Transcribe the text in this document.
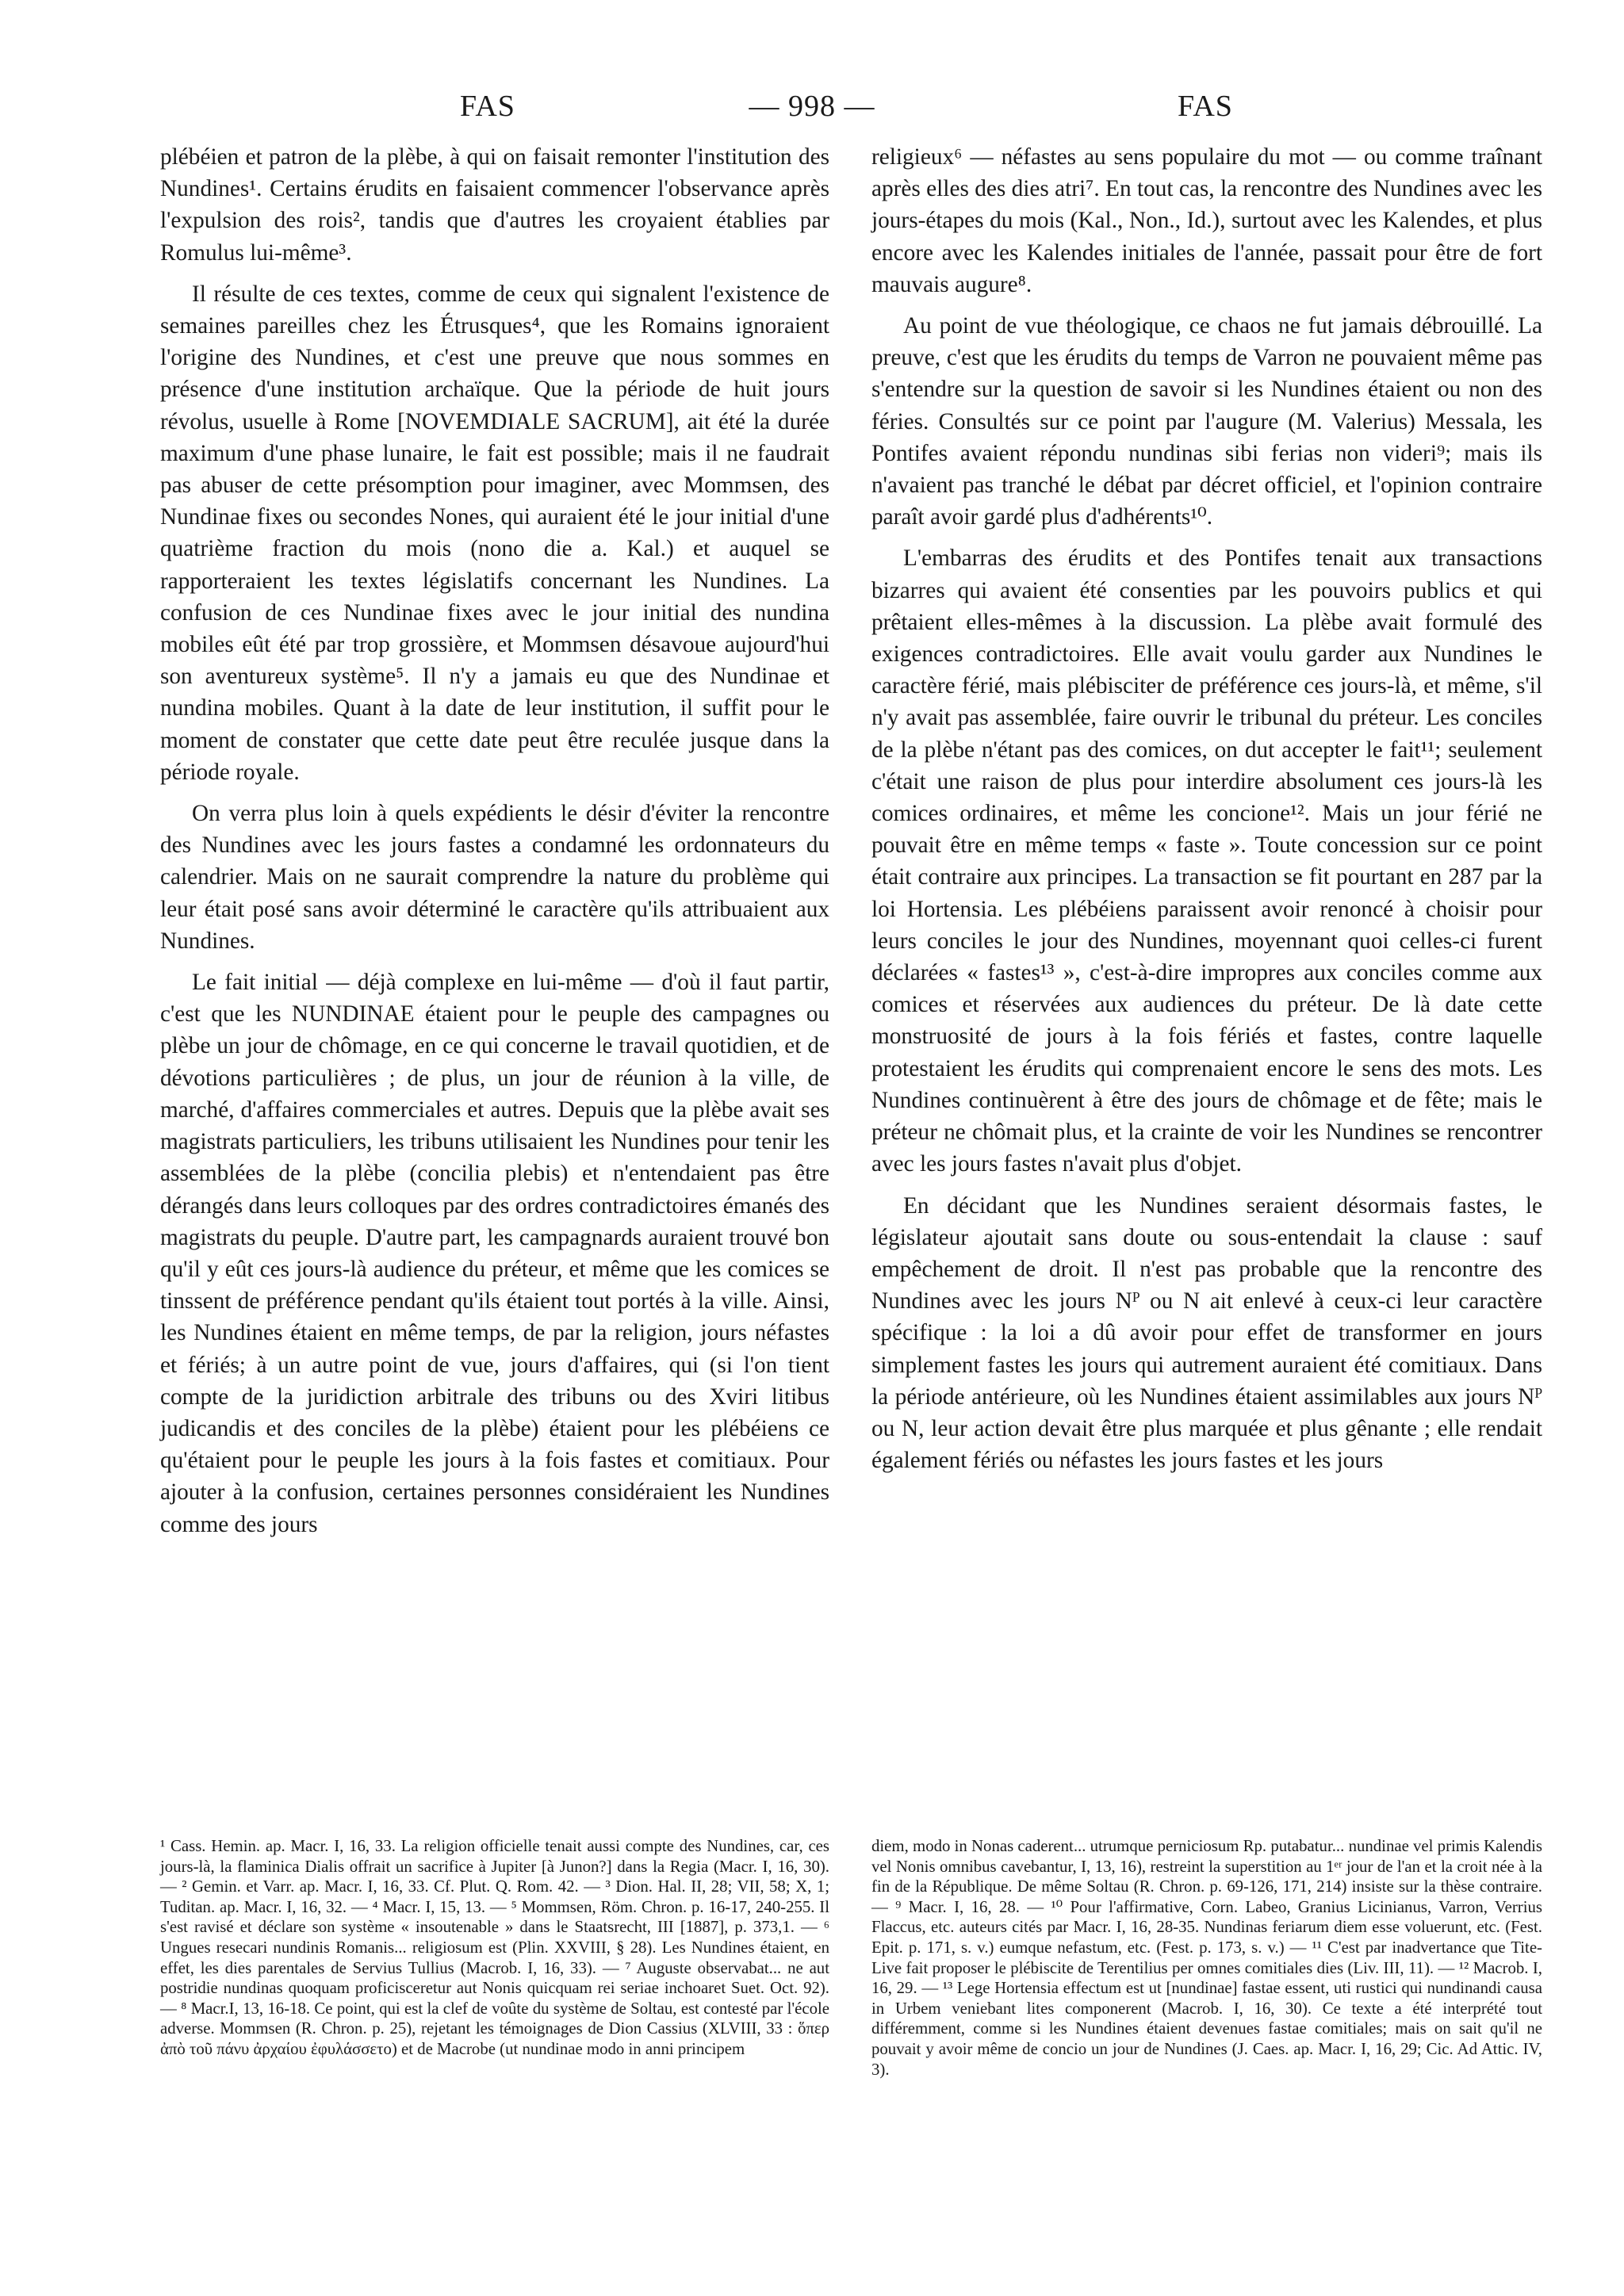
FAS	— 998 —	FAS

plébéien et patron de la plèbe, à qui on faisait remonter l'institution des Nundines¹. Certains érudits en faisaient commencer l'observance après l'expulsion des rois², tandis que d'autres les croyaient établies par Romulus lui-même³.

Il résulte de ces textes, comme de ceux qui signalent l'existence de semaines pareilles chez les Étrusques⁴, que les Romains ignoraient l'origine des Nundines, et c'est une preuve que nous sommes en présence d'une institution archaïque. Que la période de huit jours révolus, usuelle à Rome [NOVEMDIALE SACRUM], ait été la durée maximum d'une phase lunaire, le fait est possible; mais il ne faudrait pas abuser de cette présomption pour imaginer, avec Mommsen, des Nundinae fixes ou secondes Nones, qui auraient été le jour initial d'une quatrième fraction du mois (nono die a. Kal.) et auquel se rapporteraient les textes législatifs concernant les Nundines. La confusion de ces Nundinae fixes avec le jour initial des nundina mobiles eût été par trop grossière, et Mommsen désavoue aujourd'hui son aventureux système⁵. Il n'y a jamais eu que des Nundinae et nundina mobiles. Quant à la date de leur institution, il suffit pour le moment de constater que cette date peut être reculée jusque dans la période royale.

On verra plus loin à quels expédients le désir d'éviter la rencontre des Nundines avec les jours fastes a condamné les ordonnateurs du calendrier. Mais on ne saurait comprendre la nature du problème qui leur était posé sans avoir déterminé le caractère qu'ils attribuaient aux Nundines.

Le fait initial — déjà complexe en lui-même — d'où il faut partir, c'est que les NUNDINAE étaient pour le peuple des campagnes ou plèbe un jour de chômage, en ce qui concerne le travail quotidien, et de dévotions particulières ; de plus, un jour de réunion à la ville, de marché, d'affaires commerciales et autres. Depuis que la plèbe avait ses magistrats particuliers, les tribuns utilisaient les Nundines pour tenir les assemblées de la plèbe (concilia plebis) et n'entendaient pas être dérangés dans leurs colloques par des ordres contradictoires émanés des magistrats du peuple. D'autre part, les campagnards auraient trouvé bon qu'il y eût ces jours-là audience du préteur, et même que les comices se tinssent de préférence pendant qu'ils étaient tout portés à la ville. Ainsi, les Nundines étaient en même temps, de par la religion, jours néfastes et fériés; à un autre point de vue, jours d'affaires, qui (si l'on tient compte de la juridiction arbitrale des tribuns ou des Xviri litibus judicandis et des conciles de la plèbe) étaient pour les plébéiens ce qu'étaient pour le peuple les jours à la fois fastes et comitiaux. Pour ajouter à la confusion, certaines personnes considéraient les Nundines comme des jours

religieux⁶ — néfastes au sens populaire du mot — ou comme traînant après elles des dies atri⁷. En tout cas, la rencontre des Nundines avec les jours-étapes du mois (Kal., Non., Id.), surtout avec les Kalendes, et plus encore avec les Kalendes initiales de l'année, passait pour être de fort mauvais augure⁸.

Au point de vue théologique, ce chaos ne fut jamais débrouillé. La preuve, c'est que les érudits du temps de Varron ne pouvaient même pas s'entendre sur la question de savoir si les Nundines étaient ou non des féries. Consultés sur ce point par l'augure (M. Valerius) Messala, les Pontifes avaient répondu nundinas sibi ferias non videri⁹; mais ils n'avaient pas tranché le débat par décret officiel, et l'opinion contraire paraît avoir gardé plus d'adhérents¹⁰.

L'embarras des érudits et des Pontifes tenait aux transactions bizarres qui avaient été consenties par les pouvoirs publics et qui prêtaient elles-mêmes à la discussion. La plèbe avait formulé des exigences contradictoires. Elle avait voulu garder aux Nundines le caractère férié, mais plébisciter de préférence ces jours-là, et même, s'il n'y avait pas assemblée, faire ouvrir le tribunal du préteur. Les conciles de la plèbe n'étant pas des comices, on dut accepter le fait¹¹; seulement c'était une raison de plus pour interdire absolument ces jours-là les comices ordinaires, et même les concione¹². Mais un jour férié ne pouvait être en même temps « faste ». Toute concession sur ce point était contraire aux principes. La transaction se fit pourtant en 287 par la loi Hortensia. Les plébéiens paraissent avoir renoncé à choisir pour leurs conciles le jour des Nundines, moyennant quoi celles-ci furent déclarées « fastes¹³ », c'est-à-dire impropres aux conciles comme aux comices et réservées aux audiences du préteur. De là date cette monstruosité de jours à la fois fériés et fastes, contre laquelle protestaient les érudits qui comprenaient encore le sens des mots. Les Nundines continuèrent à être des jours de chômage et de fête; mais le préteur ne chômait plus, et la crainte de voir les Nundines se rencontrer avec les jours fastes n'avait plus d'objet.

En décidant que les Nundines seraient désormais fastes, le législateur ajoutait sans doute ou sous-entendait la clause : sauf empêchement de droit. Il n'est pas probable que la rencontre des Nundines avec les jours Nᴾ ou N ait enlevé à ceux-ci leur caractère spécifique : la loi a dû avoir pour effet de transformer en jours simplement fastes les jours qui autrement auraient été comitiaux. Dans la période antérieure, où les Nundines étaient assimilables aux jours Nᴾ ou N, leur action devait être plus marquée et plus gênante ; elle rendait également fériés ou néfastes les jours fastes et les jours

¹ Cass. Hemin. ap. Macr. I, 16, 33. La religion officielle tenait aussi compte des Nundines, car, ces jours-là, la flaminica Dialis offrait un sacrifice à Jupiter [à Junon?] dans la Regia (Macr. I, 16, 30). — ² Gemin. et Varr. ap. Macr. I, 16, 33. Cf. Plut. Q. Rom. 42. — ³ Dion. Hal. II, 28; VII, 58; X, 1; Tuditan. ap. Macr. I, 16, 32. — ⁴ Macr. I, 15, 13. — ⁵ Mommsen, Röm. Chron. p. 16-17, 240-255. Il s'est ravisé et déclare son système « insoutenable » dans le Staatsrecht, III [1887], p. 373,1. — ⁶ Ungues resecari nundinis Romanis... religiosum est (Plin. XXVIII, § 28). Les Nundines étaient, en effet, les dies parentales de Servius Tullius (Macrob. I, 16, 33). — ⁷ Auguste observabat... ne aut postridie nundinas quoquam proficisceretur aut Nonis quicquam rei seriae inchoaret Suet. Oct. 92). — ⁸ Macr.I, 13, 16-18. Ce point, qui est la clef de voûte du système de Soltau, est contesté par l'école adverse. Mommsen (R. Chron. p. 25), rejetant les témoignages de Dion Cassius (XLVIII, 33 : ὅπερ ἀπὸ τοῦ πάνυ ἀρχαίου ἐφυλάσσετο) et de Macrobe (ut nundinae modo in anni principem

diem, modo in Nonas caderent... utrumque perniciosum Rp. putabatur... nundinae vel primis Kalendis vel Nonis omnibus cavebantur, I, 13, 16), restreint la superstition au 1ᵉʳ jour de l'an et la croit née à la fin de la République. De même Soltau (R. Chron. p. 69-126, 171, 214) insiste sur la thèse contraire. — ⁹ Macr. I, 16, 28. — ¹⁰ Pour l'affirmative, Corn. Labeo, Granius Licinianus, Varron, Verrius Flaccus, etc. auteurs cités par Macr. I, 16, 28-35. Nundinas feriarum diem esse voluerunt, etc. (Fest. Epit. p. 171, s. v.) eumque nefastum, etc. (Fest. p. 173, s. v.) — ¹¹ C'est par inadvertance que Tite-Live fait proposer le plébiscite de Terentilius per omnes comitiales dies (Liv. III, 11). — ¹² Macrob. I, 16, 29. — ¹³ Lege Hortensia effectum est ut [nundinae] fastae essent, uti rustici qui nundinandi causa in Urbem veniebant lites componerent (Macrob. I, 16, 30). Ce texte a été interprété tout différemment, comme si les Nundines étaient devenues fastae comitiales; mais on sait qu'il ne pouvait y avoir même de concio un jour de Nundines (J. Caes. ap. Macr. I, 16, 29; Cic. Ad Attic. IV, 3).
